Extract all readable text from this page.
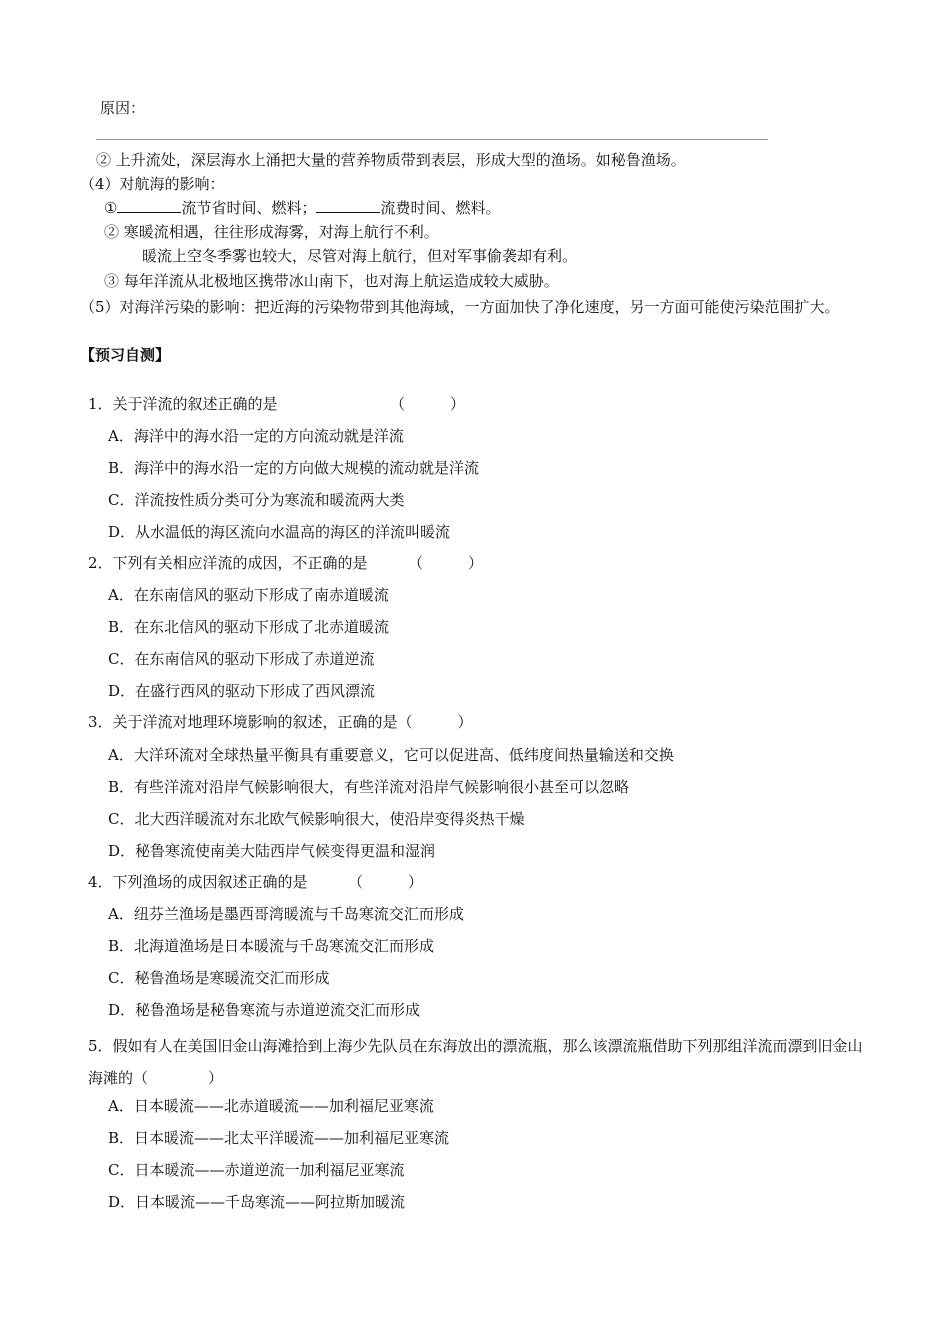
原因：
② 上升流处，深层海水上涌把大量的营养物质带到表层，形成大型的渔场。如秘鲁渔场。
（4）对航海的影响：
①	流节省时间、燃料；	流费时间、燃料。
② 寒暖流相遇，往往形成海雾，对海上航行不利。
暖流上空冬季雾也较大，尽管对海上航行，但对军事偷袭却有利。
③ 每年洋流从北极地区携带冰山南下，也对海上航运造成较大威胁。
（5）对海洋污染的影响：把近海的污染物带到其他海域，一方面加快了净化速度，另一方面可能使污染范围扩大。
【预习自测】
1．关于洋流的叙述正确的是	（　　　）
A．海洋中的海水沿一定的方向流动就是洋流
B．海洋中的海水沿一定的方向做大规模的流动就是洋流
C．洋流按性质分类可分为寒流和暖流两大类
D．从水温低的海区流向水温高的海区的洋流叫暖流
2．下列有关相应洋流的成因，不正确的是	（　　　）
A．在东南信风的驱动下形成了南赤道暖流
B．在东北信风的驱动下形成了北赤道暖流
C．在东南信风的驱动下形成了赤道逆流
D．在盛行西风的驱动下形成了西风漂流
3．关于洋流对地理环境影响的叙述，正确的是（　　　）
A．大洋环流对全球热量平衡具有重要意义，它可以促进高、低纬度间热量输送和交换
B．有些洋流对沿岸气候影响很大，有些洋流对沿岸气候影响很小甚至可以忽略
C．北大西洋暖流对东北欧气候影响很大，使沿岸变得炎热干燥
D．秘鲁寒流使南美大陆西岸气候变得更温和湿润
4．下列渔场的成因叙述正确的是	（　　　）
A．纽芬兰渔场是墨西哥湾暖流与千岛寒流交汇而形成
B．北海道渔场是日本暖流与千岛寒流交汇而形成
C．秘鲁渔场是寒暖流交汇而形成
D．秘鲁渔场是秘鲁寒流与赤道逆流交汇而形成
5．假如有人在美国旧金山海滩拾到上海少先队员在东海放出的漂流瓶，那么该漂流瓶借助下列那组洋流而漂到旧金山海滩的（　　　　）
A．日本暖流——北赤道暖流——加利福尼亚寒流
B．日本暖流——北太平洋暖流——加利福尼亚寒流
C．日本暖流——赤道逆流一加利福尼亚寒流
D．日本暖流——千岛寒流——阿拉斯加暖流
